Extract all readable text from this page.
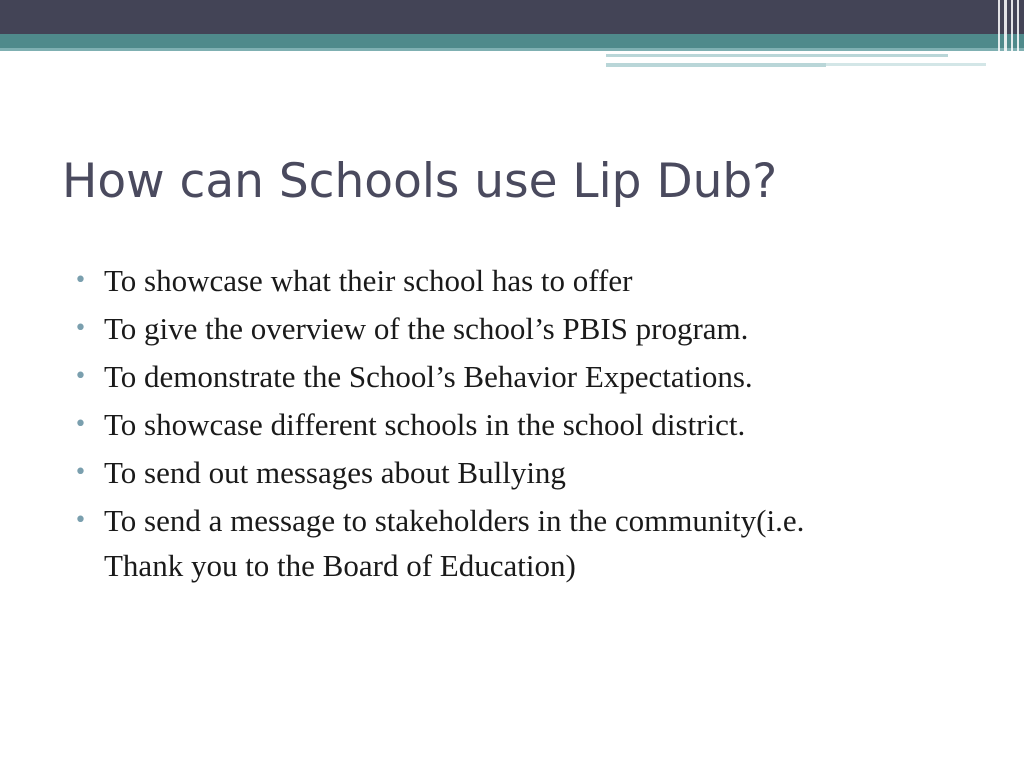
How can Schools use Lip Dub?
• To showcase what their school has to offer
• To give the overview of the school’s PBIS program.
• To demonstrate the School’s Behavior Expectations.
• To showcase different schools in the school district.
• To send out messages about Bullying
• To send a message to stakeholders in the community(i.e. Thank you to the Board of Education)
